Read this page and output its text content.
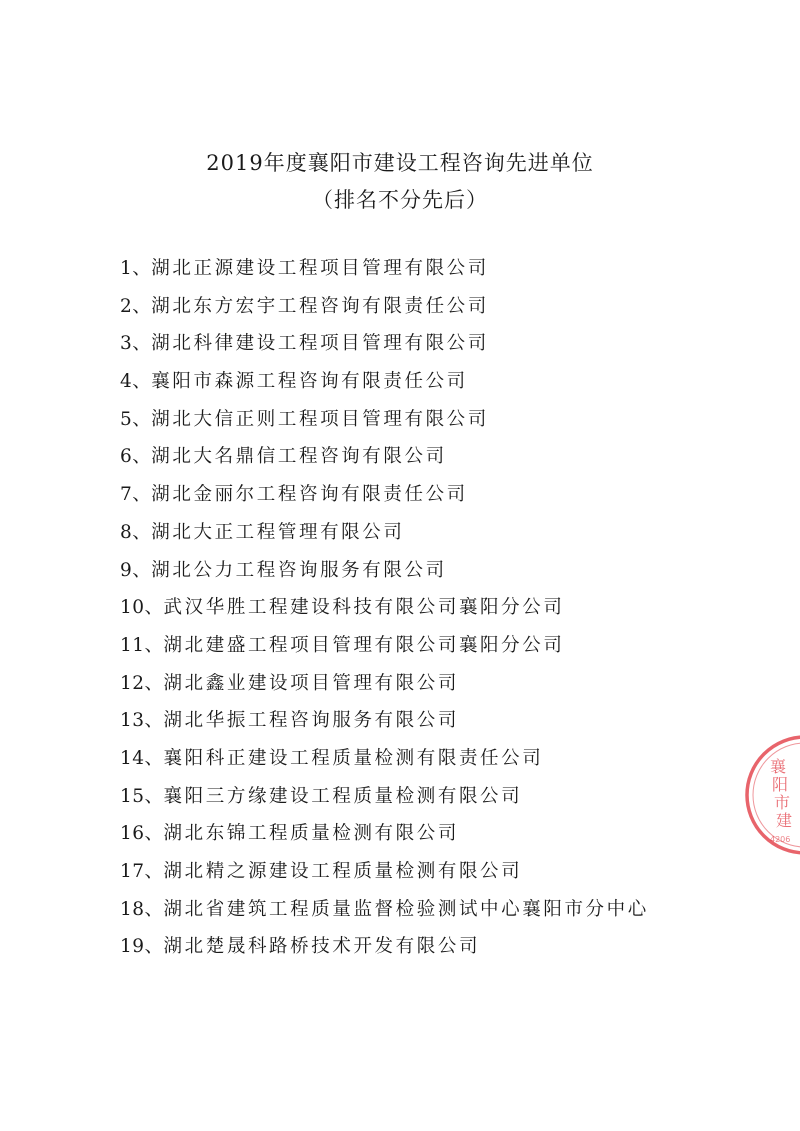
2019年度襄阳市建设工程咨询先进单位
（排名不分先后）
1、湖北正源建设工程项目管理有限公司
2、湖北东方宏宇工程咨询有限责任公司
3、湖北科律建设工程项目管理有限公司
4、襄阳市森源工程咨询有限责任公司
5、湖北大信正则工程项目管理有限公司
6、湖北大名鼎信工程咨询有限公司
7、湖北金丽尔工程咨询有限责任公司
8、湖北大正工程管理有限公司
9、湖北公力工程咨询服务有限公司
10、武汉华胜工程建设科技有限公司襄阳分公司
11、湖北建盛工程项目管理有限公司襄阳分公司
12、湖北鑫业建设项目管理有限公司
13、湖北华振工程咨询服务有限公司
14、襄阳科正建设工程质量检测有限责任公司
15、襄阳三方缘建设工程质量检测有限公司
16、湖北东锦工程质量检测有限公司
17、湖北精之源建设工程质量检测有限公司
18、湖北省建筑工程质量监督检验测试中心襄阳市分中心
19、湖北楚晟科路桥技术开发有限公司
襄阳市建
4206
